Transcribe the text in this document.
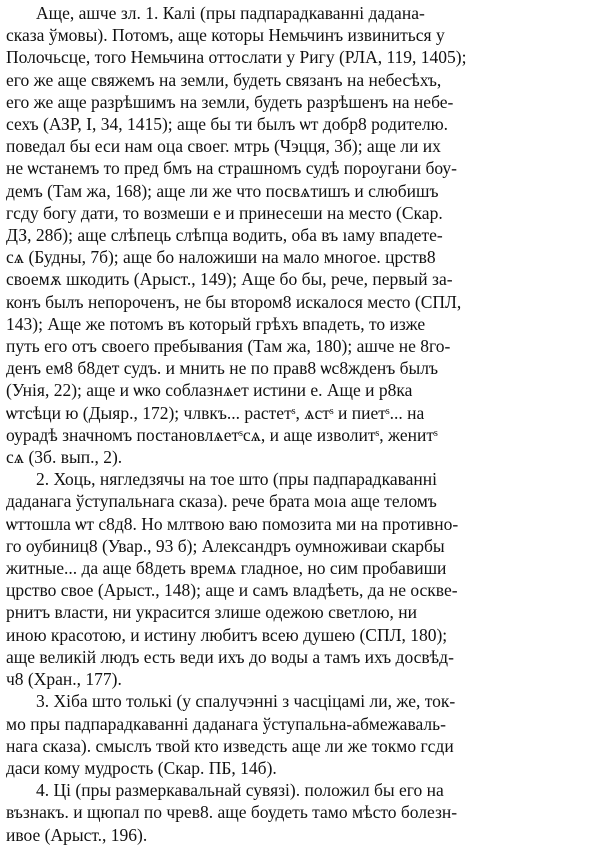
Аще, ашче зл. 1. Калі (пры падпарадкаванні дадана-
сказа ўмовы). Потомъ, аще которы Немьчинъ извиниться у
Полочьсце, того Немьчина оттослати у Ригу (РЛА, 119, 1405);
его же аще свяжемъ на земли, будеть связанъ на небесѣхъ,
его же аще разрѣшимъ на земли, будеть разрѣшенъ на небе-
сехъ (АЗР, I, 34, 1415); аще бы ти былъ ѡт добр8 родителю.
поведал бы еси нам оца своег. мтрь (Чэцця, 3б); аще ли их
не ѡстанемъ то пред бмъ на страшномъ судѣ пороугани боу-
демъ (Там жа, 168); аще ли же что посвѧтишъ и слюбишъ
гсду богу дати, то возмеши е и принесеши на место (Скар.
ДЗ, 28б); аще слѣпець слѣпца водить, оба въ ıаму впадете-
сѧ (Будны, 7б); аще бо наложиши на мало многое. црств8
своемѫ шкодить (Арыст., 149); Аще бо бы, рече, первый за-
конъ былъ непороченъ, не бы втором8 искалося место (СПЛ,
143); Аще же потомъ въ который грѣхъ впадеть, то изже
путь его отъ своего пребывания (Там жа, 180); ашче не 8го-
денъ ем8 б8дет судъ. и мнить не по прав8 ѡс8жденъ былъ
(Унія, 22); аще и ѡко соблазнѧет истини е. Аще и р8ка
ѡтсѣци ю (Дыяр., 172); члвкъ... растетˢ, ѧстˢ и пиетˢ... на
оурадѣ значномъ постановлѧетˢсѧ, и аще изволитˢ, женитˢ
сѧ (3б. вып., 2).
2. Хоць, нягледзячы на тое што (пры падпарадкаванні
даданага ўступальнага сказа). рече брата моıа аще теломъ
ѡттошла ѡт с8д8. Но млтвою ваю помозита ми на противно-
го оубиниц8 (Увар., 93 б); Александръ оумноживаи скарбы
житные... да аще б8деть времѧ гладное, но сим пробавиши
црство свое (Арыст., 148); аще и самъ владѣеть, да не оскве-
рнитъ власти, ни украсится злише одежою светлою, ни
иною красотою, и истину любитъ всею душею (СПЛ, 180);
аще великій людъ есть веди ихъ до воды а тамъ ихъ досвѣд-
ч8 (Хран., 177).
3. Хіба што толькі (у спалучэнні з часціцамі ли, же, ток-
мо пры падпарадкаванні даданага ўступальна-абмежаваль-
нага сказа). смыслъ твой кто изведсть аще ли же токмо гсди
даси кому мудрость (Скар. ПБ, 14б).
4. Ці (пры размеркавальнай сувязі). положил бы его на
възнакъ. и щюпал по чрев8. аще боудеть тамо мѣсто болезн-
ивое (Арыст., 196).
